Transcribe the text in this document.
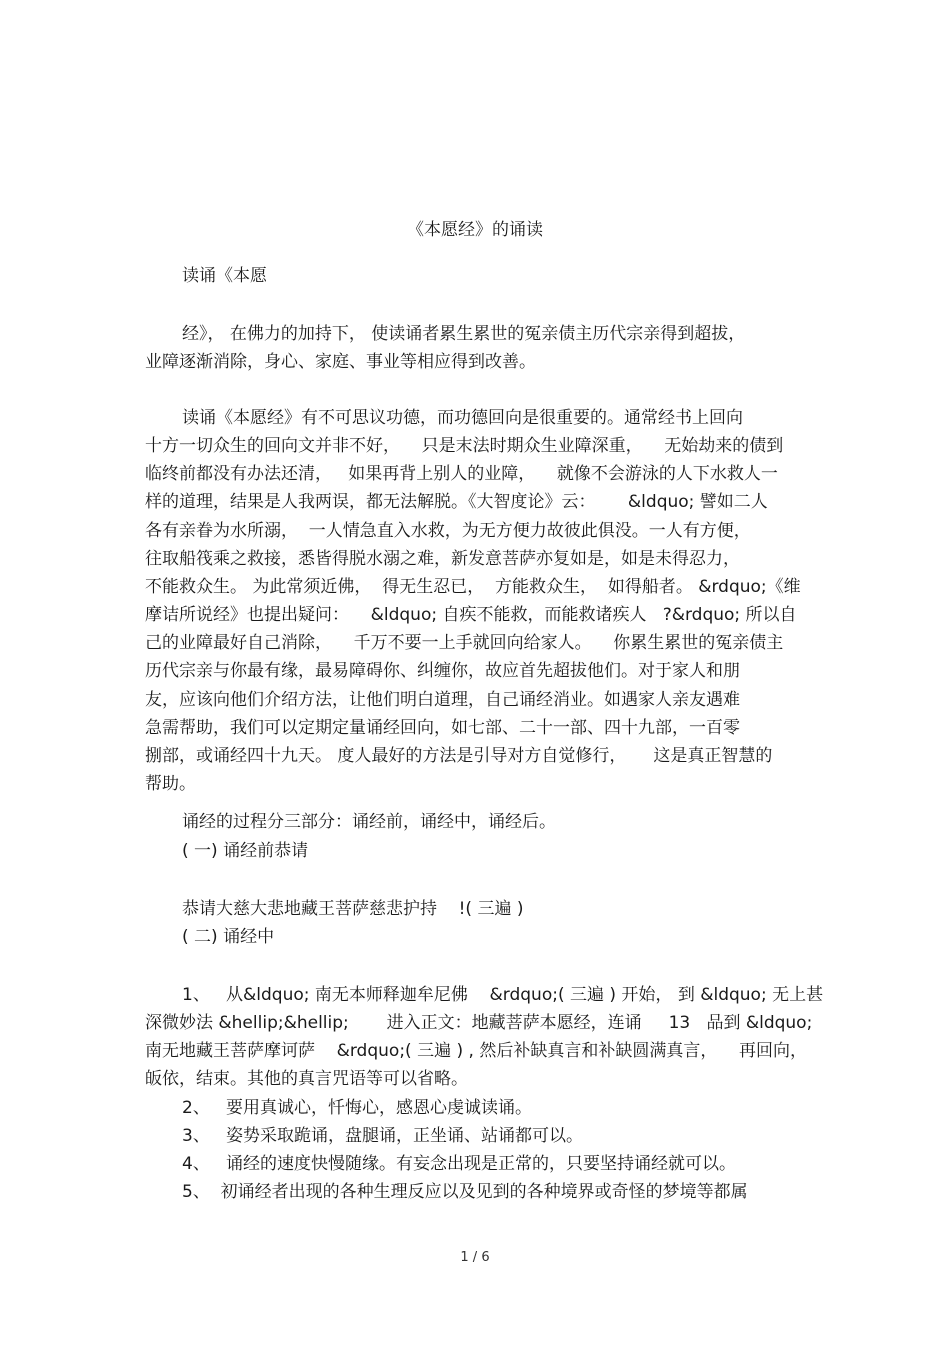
《本愿经》的诵读
读诵《本愿
经》， 在佛力的加持下， 使读诵者累生累世的冤亲债主历代宗亲得到超拔，
业障逐渐消除，身心、家庭、事业等相应得到改善。
读诵《本愿经》有不可思议功德，而功德回向是很重要的。通常经书上回向
十方一切众生的回向文并非不好，    只是末法时期众生业障深重，    无始劫来的债到
临终前都没有办法还清，   如果再背上别人的业障，    就像不会游泳的人下水救人一
样的道理，结果是人我两误，都无法解脱。《大智度论》云：      &ldquo; 譬如二人
各有亲眷为水所溺，  一人情急直入水救，为无方便力故彼此俱没。一人有方便，
往取船筏乘之救接，悉皆得脱水溺之难，新发意菩萨亦复如是，如是未得忍力，
不能救众生。 为此常须近佛，  得无生忍已，  方能救众生，  如得船者。 &rdquo;《维
摩诘所说经》也提出疑问：    &ldquo; 自疾不能救，而能救诸疾人   ?&rdquo; 所以自
己的业障最好自己消除，    千万不要一上手就回向给家人。    你累生累世的冤亲债主
历代宗亲与你最有缘，最易障碍你、纠缠你，故应首先超拔他们。对于家人和朋
友，应该向他们介绍方法，让他们明白道理，自己诵经消业。如遇家人亲友遇难
急需帮助，我们可以定期定量诵经回向，如七部、二十一部、四十九部，一百零
捌部，或诵经四十九天。 度人最好的方法是引导对方自觉修行，     这是真正智慧的
帮助。
诵经的过程分三部分：诵经前，诵经中，诵经后。
( 一) 诵经前恭请
恭请大慈大悲地藏王菩萨慈悲护持    !( 三遍 )
( 二) 诵经中
1、   从&ldquo; 南无本师释迦牟尼佛    &rdquo;( 三遍 ) 开始， 到 &ldquo; 无上甚
深微妙法 &hellip;&hellip;       进入正文：地藏菩萨本愿经，连诵     13   品到 &ldquo;
南无地藏王菩萨摩诃萨    &rdquo;( 三遍 ) , 然后补缺真言和补缺圆满真言，    再回向，
皈依，结束。其他的真言咒语等可以省略。
2、   要用真诚心，忏悔心，感恩心虔诚读诵。
3、   姿势采取跪诵，盘腿诵，正坐诵、站诵都可以。
4、   诵经的速度快慢随缘。有妄念出现是正常的，只要坚持诵经就可以。
5、  初诵经者出现的各种生理反应以及见到的各种境界或奇怪的梦境等都属
1 / 6
